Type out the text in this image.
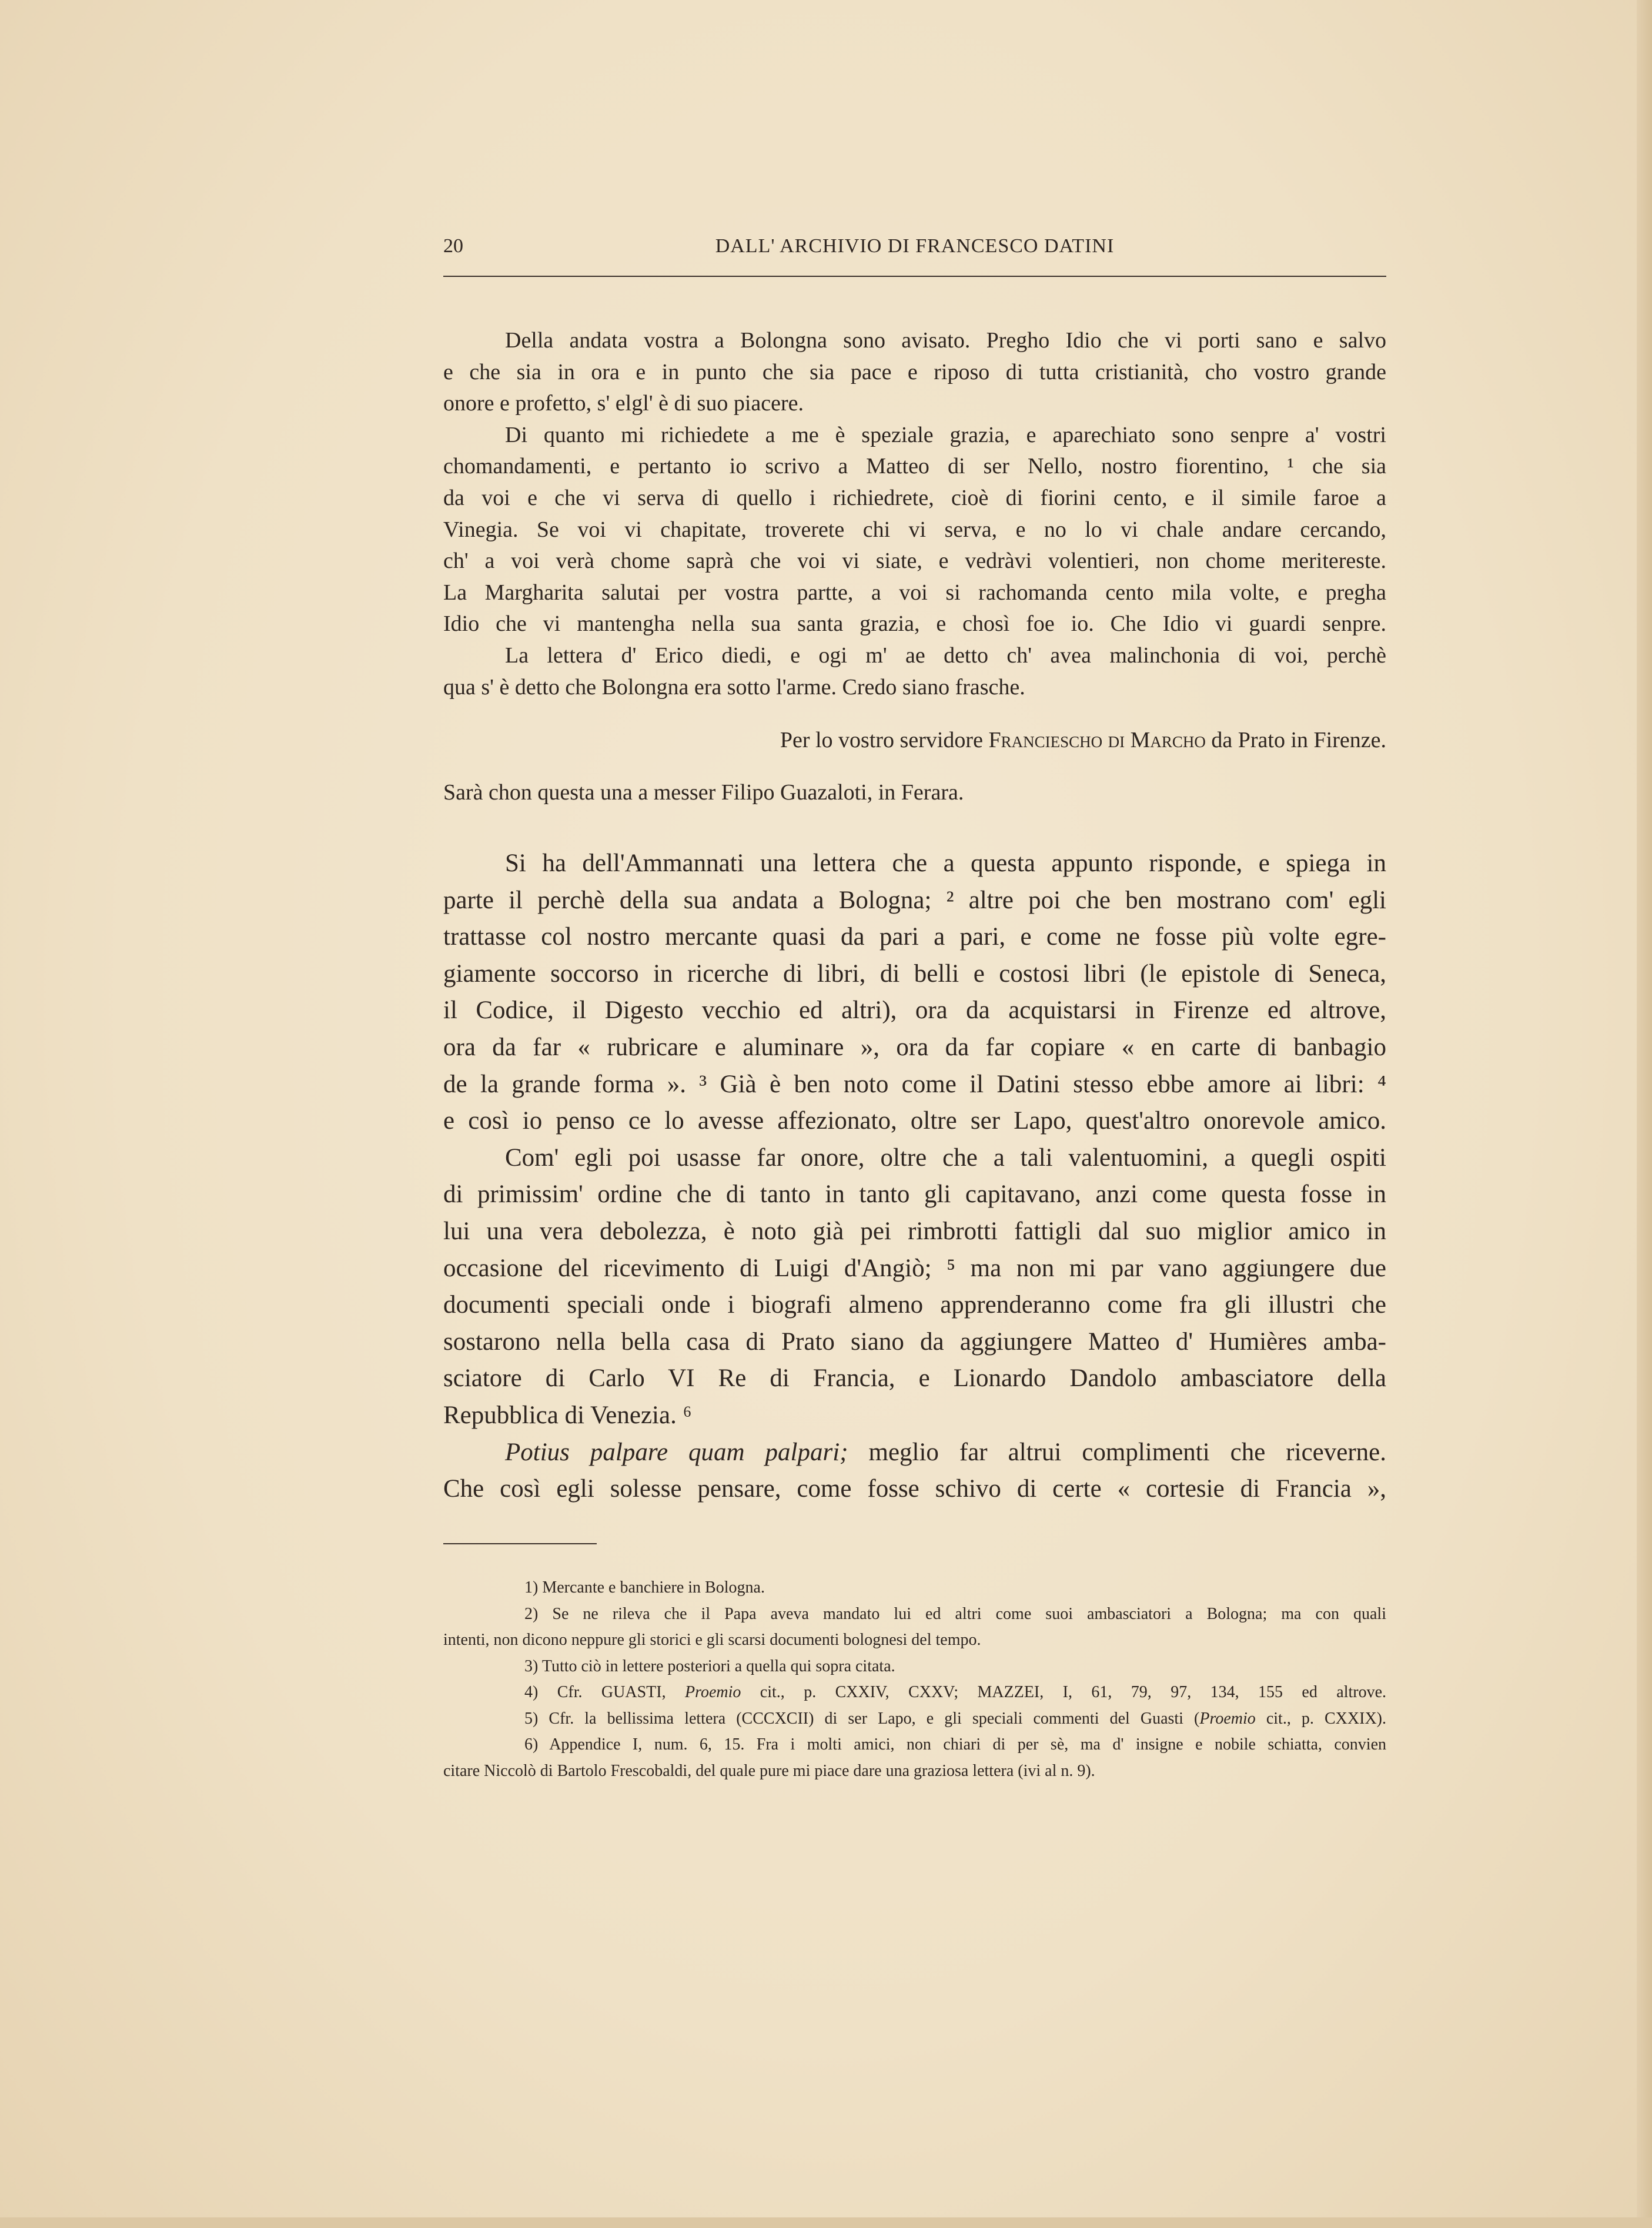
20	DALL' ARCHIVIO DI FRANCESCO DATINI
Della andata vostra a Bolongna sono avisato. Pregho Idio che vi porti sano e salvo
e che sia in ora e in punto che sia pace e riposo di tutta cristianità, cho vostro grande
onore e profetto, s' elgl' è di suo piacere.
Di quanto mi richiedete a me è speziale grazia, e aparechiato sono senpre a' vostri
chomandamenti, e pertanto io scrivo a Matteo di ser Nello, nostro fiorentino, ¹ che sia
da voi e che vi serva di quello i richiedrete, cioè di fiorini cento, e il simile faroe a
Vinegia. Se voi vi chapitate, troverete chi vi serva, e no lo vi chale andare cercando,
ch' a voi verà chome saprà che voi vi siate, e vedràvi volentieri, non chome meritereste.
La Margharita salutai per vostra partte, a voi si rachomanda cento mila volte, e pregha
Idio che vi mantengha nella sua santa grazia, e chosì foe io. Che Idio vi guardi senpre.
La lettera d' Erico diedi, e ogi m' ae detto ch' avea malinchonia di voi, perchè
qua s' è detto che Bolongna era sotto l'arme. Credo siano frasche.
Per lo vostro servidore Franciescho di Marcho da Prato in Firenze.
Sarà chon questa una a messer Filipo Guazaloti, in Ferara.
Si ha dell'Ammannati una lettera che a questa appunto risponde, e spiega in
parte il perchè della sua andata a Bologna; ² altre poi che ben mostrano com' egli
trattasse col nostro mercante quasi da pari a pari, e come ne fosse più volte egre-
giamente soccorso in ricerche di libri, di belli e costosi libri (le epistole di Seneca,
il Codice, il Digesto vecchio ed altri), ora da acquistarsi in Firenze ed altrove,
ora da far « rubricare e aluminare », ora da far copiare « en carte di banbagio
de la grande forma ». ³ Già è ben noto come il Datini stesso ebbe amore ai libri: ⁴
e così io penso ce lo avesse affezionato, oltre ser Lapo, quest'altro onorevole amico.
Com' egli poi usasse far onore, oltre che a tali valentuomini, a quegli ospiti
di primissim' ordine che di tanto in tanto gli capitavano, anzi come questa fosse in
lui una vera debolezza, è noto già pei rimbrotti fattigli dal suo miglior amico in
occasione del ricevimento di Luigi d'Angiò; ⁵ ma non mi par vano aggiungere due
documenti speciali onde i biografi almeno apprenderanno come fra gli illustri che
sostarono nella bella casa di Prato siano da aggiungere Matteo d' Humières amba-
sciatore di Carlo VI Re di Francia, e Lionardo Dandolo ambasciatore della
Repubblica di Venezia. ⁶
Potius palpare quam palpari; meglio far altrui complimenti che riceverne.
Che così egli solesse pensare, come fosse schivo di certe « cortesie di Francia »,
1) Mercante e banchiere in Bologna.
2) Se ne rileva che il Papa aveva mandato lui ed altri come suoi ambasciatori a Bologna; ma con quali
intenti, non dicono neppure gli storici e gli scarsi documenti bolognesi del tempo.
3) Tutto ciò in lettere posteriori a quella qui sopra citata.
4) Cfr. GUASTI, Proemio cit., p. CXXIV, CXXV; MAZZEI, I, 61, 79, 97, 134, 155 ed altrove.
5) Cfr. la bellissima lettera (CCCXCII) di ser Lapo, e gli speciali commenti del Guasti (Proemio cit., p. CXXIX).
6) Appendice I, num. 6, 15. Fra i molti amici, non chiari di per sè, ma d' insigne e nobile schiatta, convien
citare Niccolò di Bartolo Frescobaldi, del quale pure mi piace dare una graziosa lettera (ivi al n. 9).
